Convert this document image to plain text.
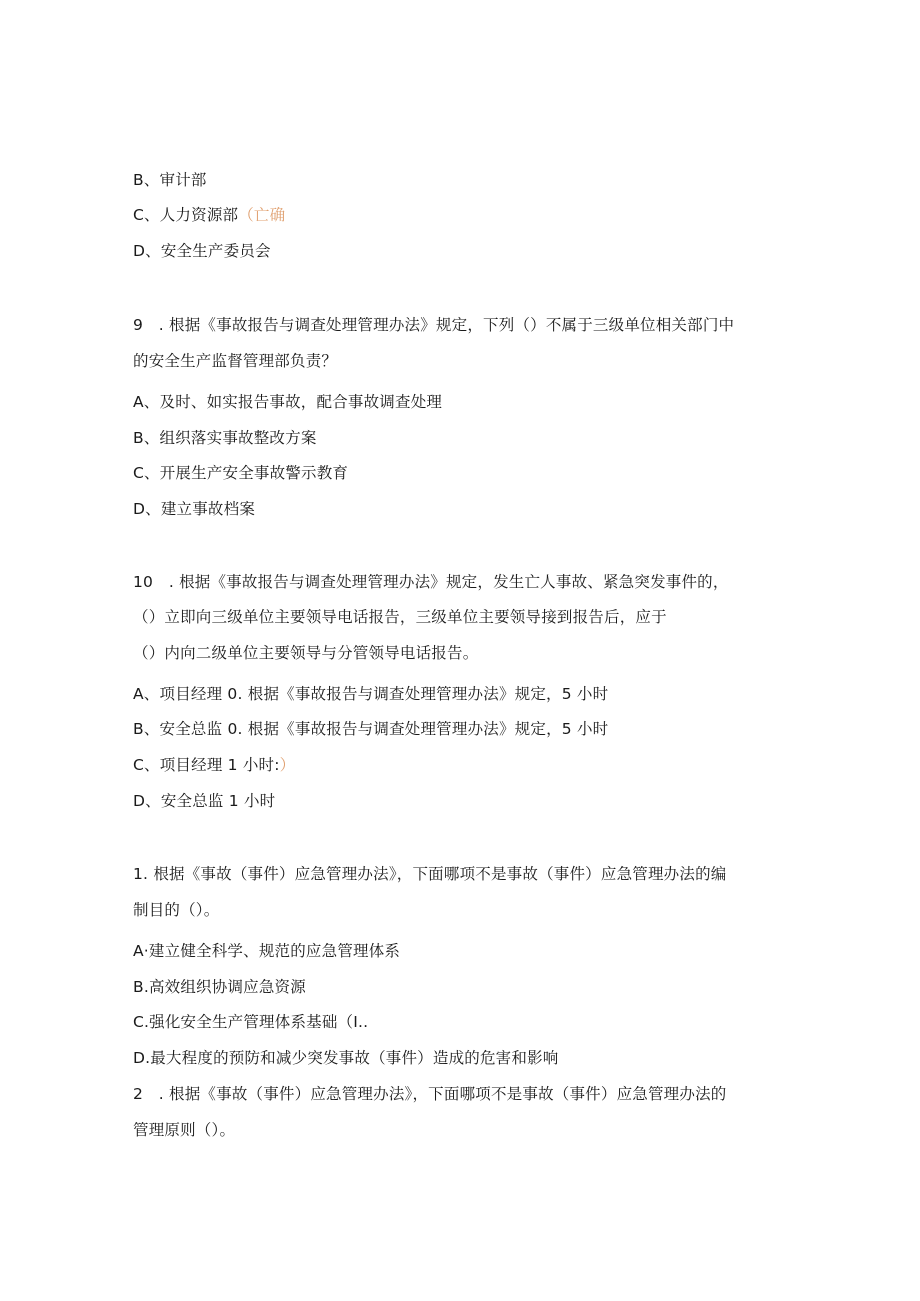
B、审计部
C、人力资源部（亡确
D、安全生产委员会
9　. 根据《事故报告与调查处理管理办法》规定，下列（）不属于三级单位相关部门中
的安全生产监督管理部负责？
A、及时、如实报告事故，配合事故调查处理
B、组织落实事故整改方案
C、开展生产安全事故警示教育
D、建立事故档案
10　. 根据《事故报告与调查处理管理办法》规定，发生亡人事故、紧急突发事件的，
（）立即向三级单位主要领导电话报告，三级单位主要领导接到报告后，应于
（）内向二级单位主要领导与分管领导电话报告。
A、项目经理 0. 根据《事故报告与调查处理管理办法》规定，5 小时
B、安全总监 0. 根据《事故报告与调查处理管理办法》规定，5 小时
C、项目经理 1 小时:）
D、安全总监 1 小时
1. 根据《事故（事件）应急管理办法》，下面哪项不是事故（事件）应急管理办法的编
制目的（）。
A·建立健全科学、规范的应急管理体系
B.高效组织协调应急资源
C.强化安全生产管理体系基础（I..
D.最大程度的预防和减少突发事故（事件）造成的危害和影响
2　. 根据《事故（事件）应急管理办法》，下面哪项不是事故（事件）应急管理办法的
管理原则（）。
